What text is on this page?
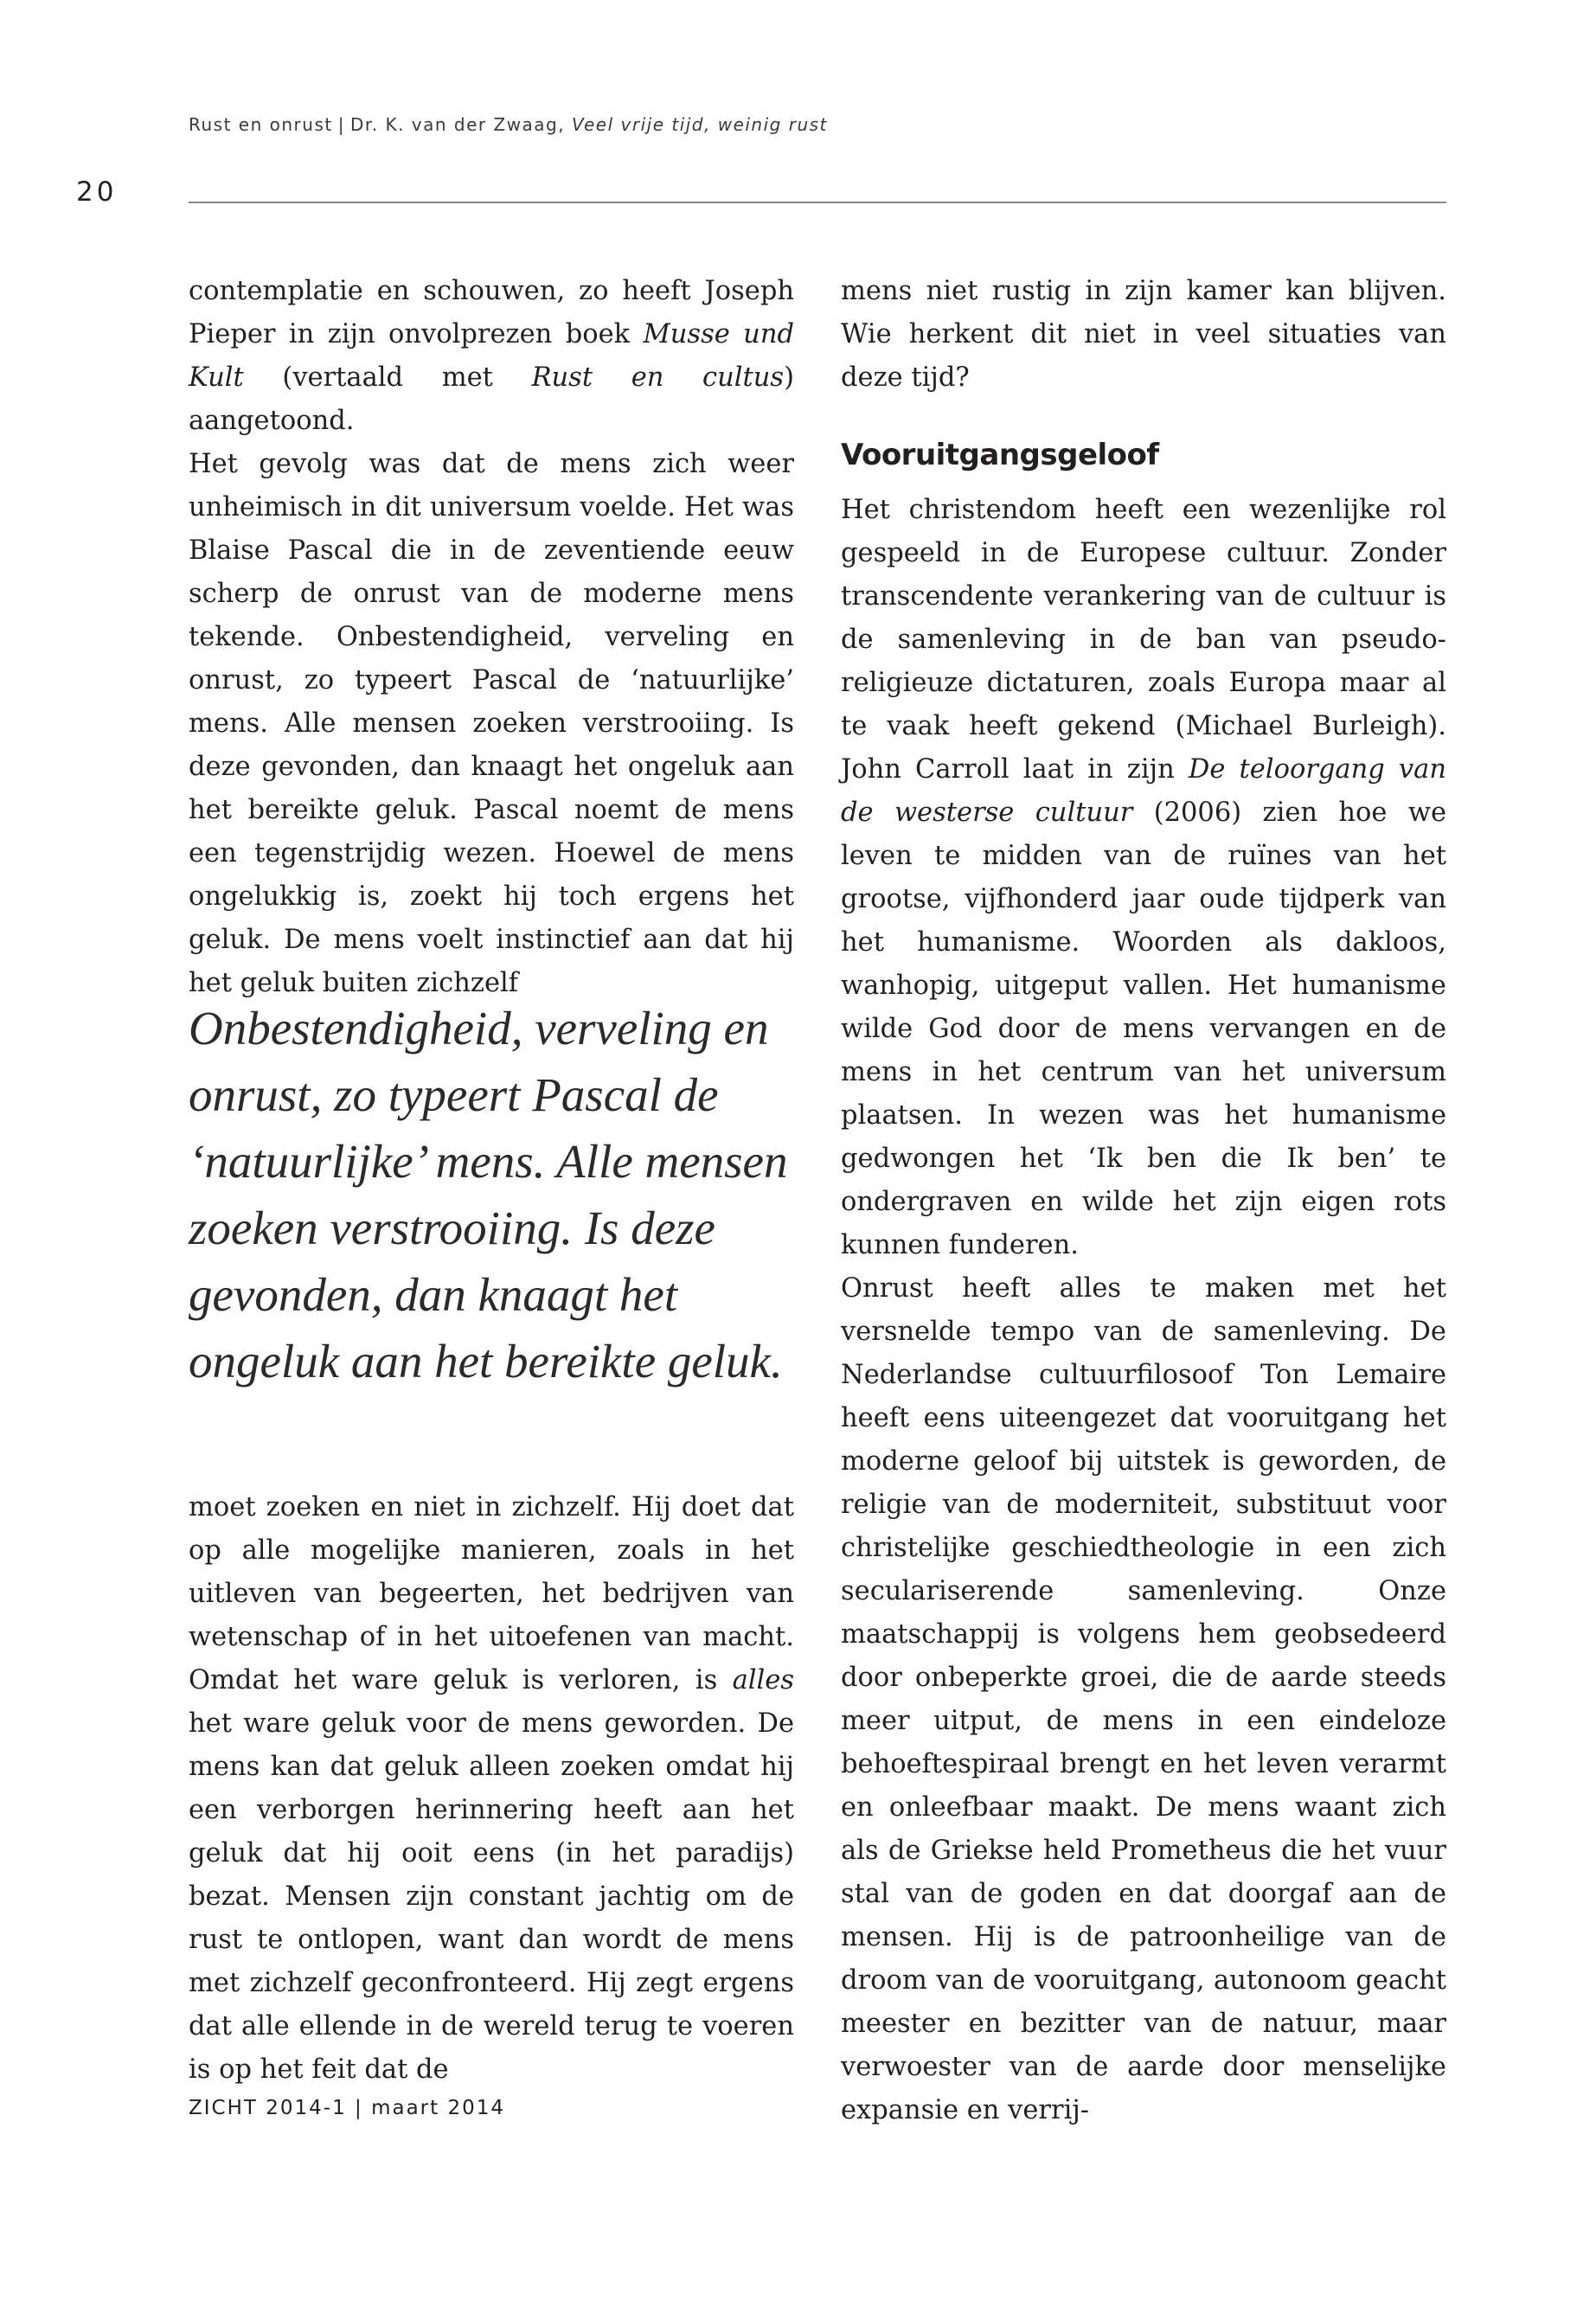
Rust en onrust | Dr. K. van der Zwaag, Veel vrije tijd, weinig rust
20

contemplatie en schouwen, zo heeft Joseph Pieper in zijn onvolprezen boek Musse und Kult (vertaald met Rust en cultus) aangetoond.

Het gevolg was dat de mens zich weer unheimisch in dit universum voelde. Het was Blaise Pascal die in de zeventiende eeuw scherp de onrust van de moderne mens tekende. Onbestendigheid, verveling en onrust, zo typeert Pascal de ‘natuurlijke’ mens. Alle mensen zoeken verstrooiing. Is deze gevonden, dan knaagt het ongeluk aan het bereikte geluk. Pascal noemt de mens een tegenstrijdig wezen. Hoewel de mens ongelukkig is, zoekt hij toch ergens het geluk. De mens voelt instinctief aan dat hij het geluk buiten zichzelf

Onbestendigheid, verveling en onrust, zo typeert Pascal de ‘natuurlijke’ mens. Alle mensen zoeken verstrooiing. Is deze gevonden, dan knaagt het ongeluk aan het bereikte geluk.

moet zoeken en niet in zichzelf. Hij doet dat op alle mogelijke manieren, zoals in het uitleven van begeerten, het bedrijven van wetenschap of in het uitoefenen van macht. Omdat het ware geluk is verloren, is alles het ware geluk voor de mens geworden. De mens kan dat geluk alleen zoeken omdat hij een verborgen herinnering heeft aan het geluk dat hij ooit eens (in het paradijs) bezat. Mensen zijn constant jachtig om de rust te ontlopen, want dan wordt de mens met zichzelf geconfronteerd. Hij zegt ergens dat alle ellende in de wereld terug te voeren is op het feit dat de

mens niet rustig in zijn kamer kan blijven. Wie herkent dit niet in veel situaties van deze tijd?

Vooruitgangsgeloof

Het christendom heeft een wezenlijke rol gespeeld in de Europese cultuur. Zonder transcendente verankering van de cultuur is de samenleving in de ban van pseudo-religieuze dictaturen, zoals Europa maar al te vaak heeft gekend (Michael Burleigh). John Carroll laat in zijn De teloorgang van de westerse cultuur (2006) zien hoe we leven te midden van de ruïnes van het grootse, vijfhonderd jaar oude tijdperk van het humanisme. Woorden als dakloos, wanhopig, uitgeput vallen. Het humanisme wilde God door de mens vervangen en de mens in het centrum van het universum plaatsen. In wezen was het humanisme gedwongen het ‘Ik ben die Ik ben’ te ondergraven en wilde het zijn eigen rots kunnen funderen.

Onrust heeft alles te maken met het versnelde tempo van de samenleving. De Nederlandse cultuurfilosoof Ton Lemaire heeft eens uiteengezet dat vooruitgang het moderne geloof bij uitstek is geworden, de religie van de moderniteit, substituut voor christelijke geschiedtheologie in een zich seculariserende samenleving. Onze maatschappij is volgens hem geobsedeerd door onbeperkte groei, die de aarde steeds meer uitput, de mens in een eindeloze behoeftespiraal brengt en het leven verarmt en onleefbaar maakt. De mens waant zich als de Griekse held Prometheus die het vuur stal van de goden en dat doorgaf aan de mensen. Hij is de patroonheilige van de droom van de vooruitgang, autonoom geacht meester en bezitter van de natuur, maar verwoester van de aarde door menselijke expansie en verrij-

ZICHT 2014-1 | maart 2014
